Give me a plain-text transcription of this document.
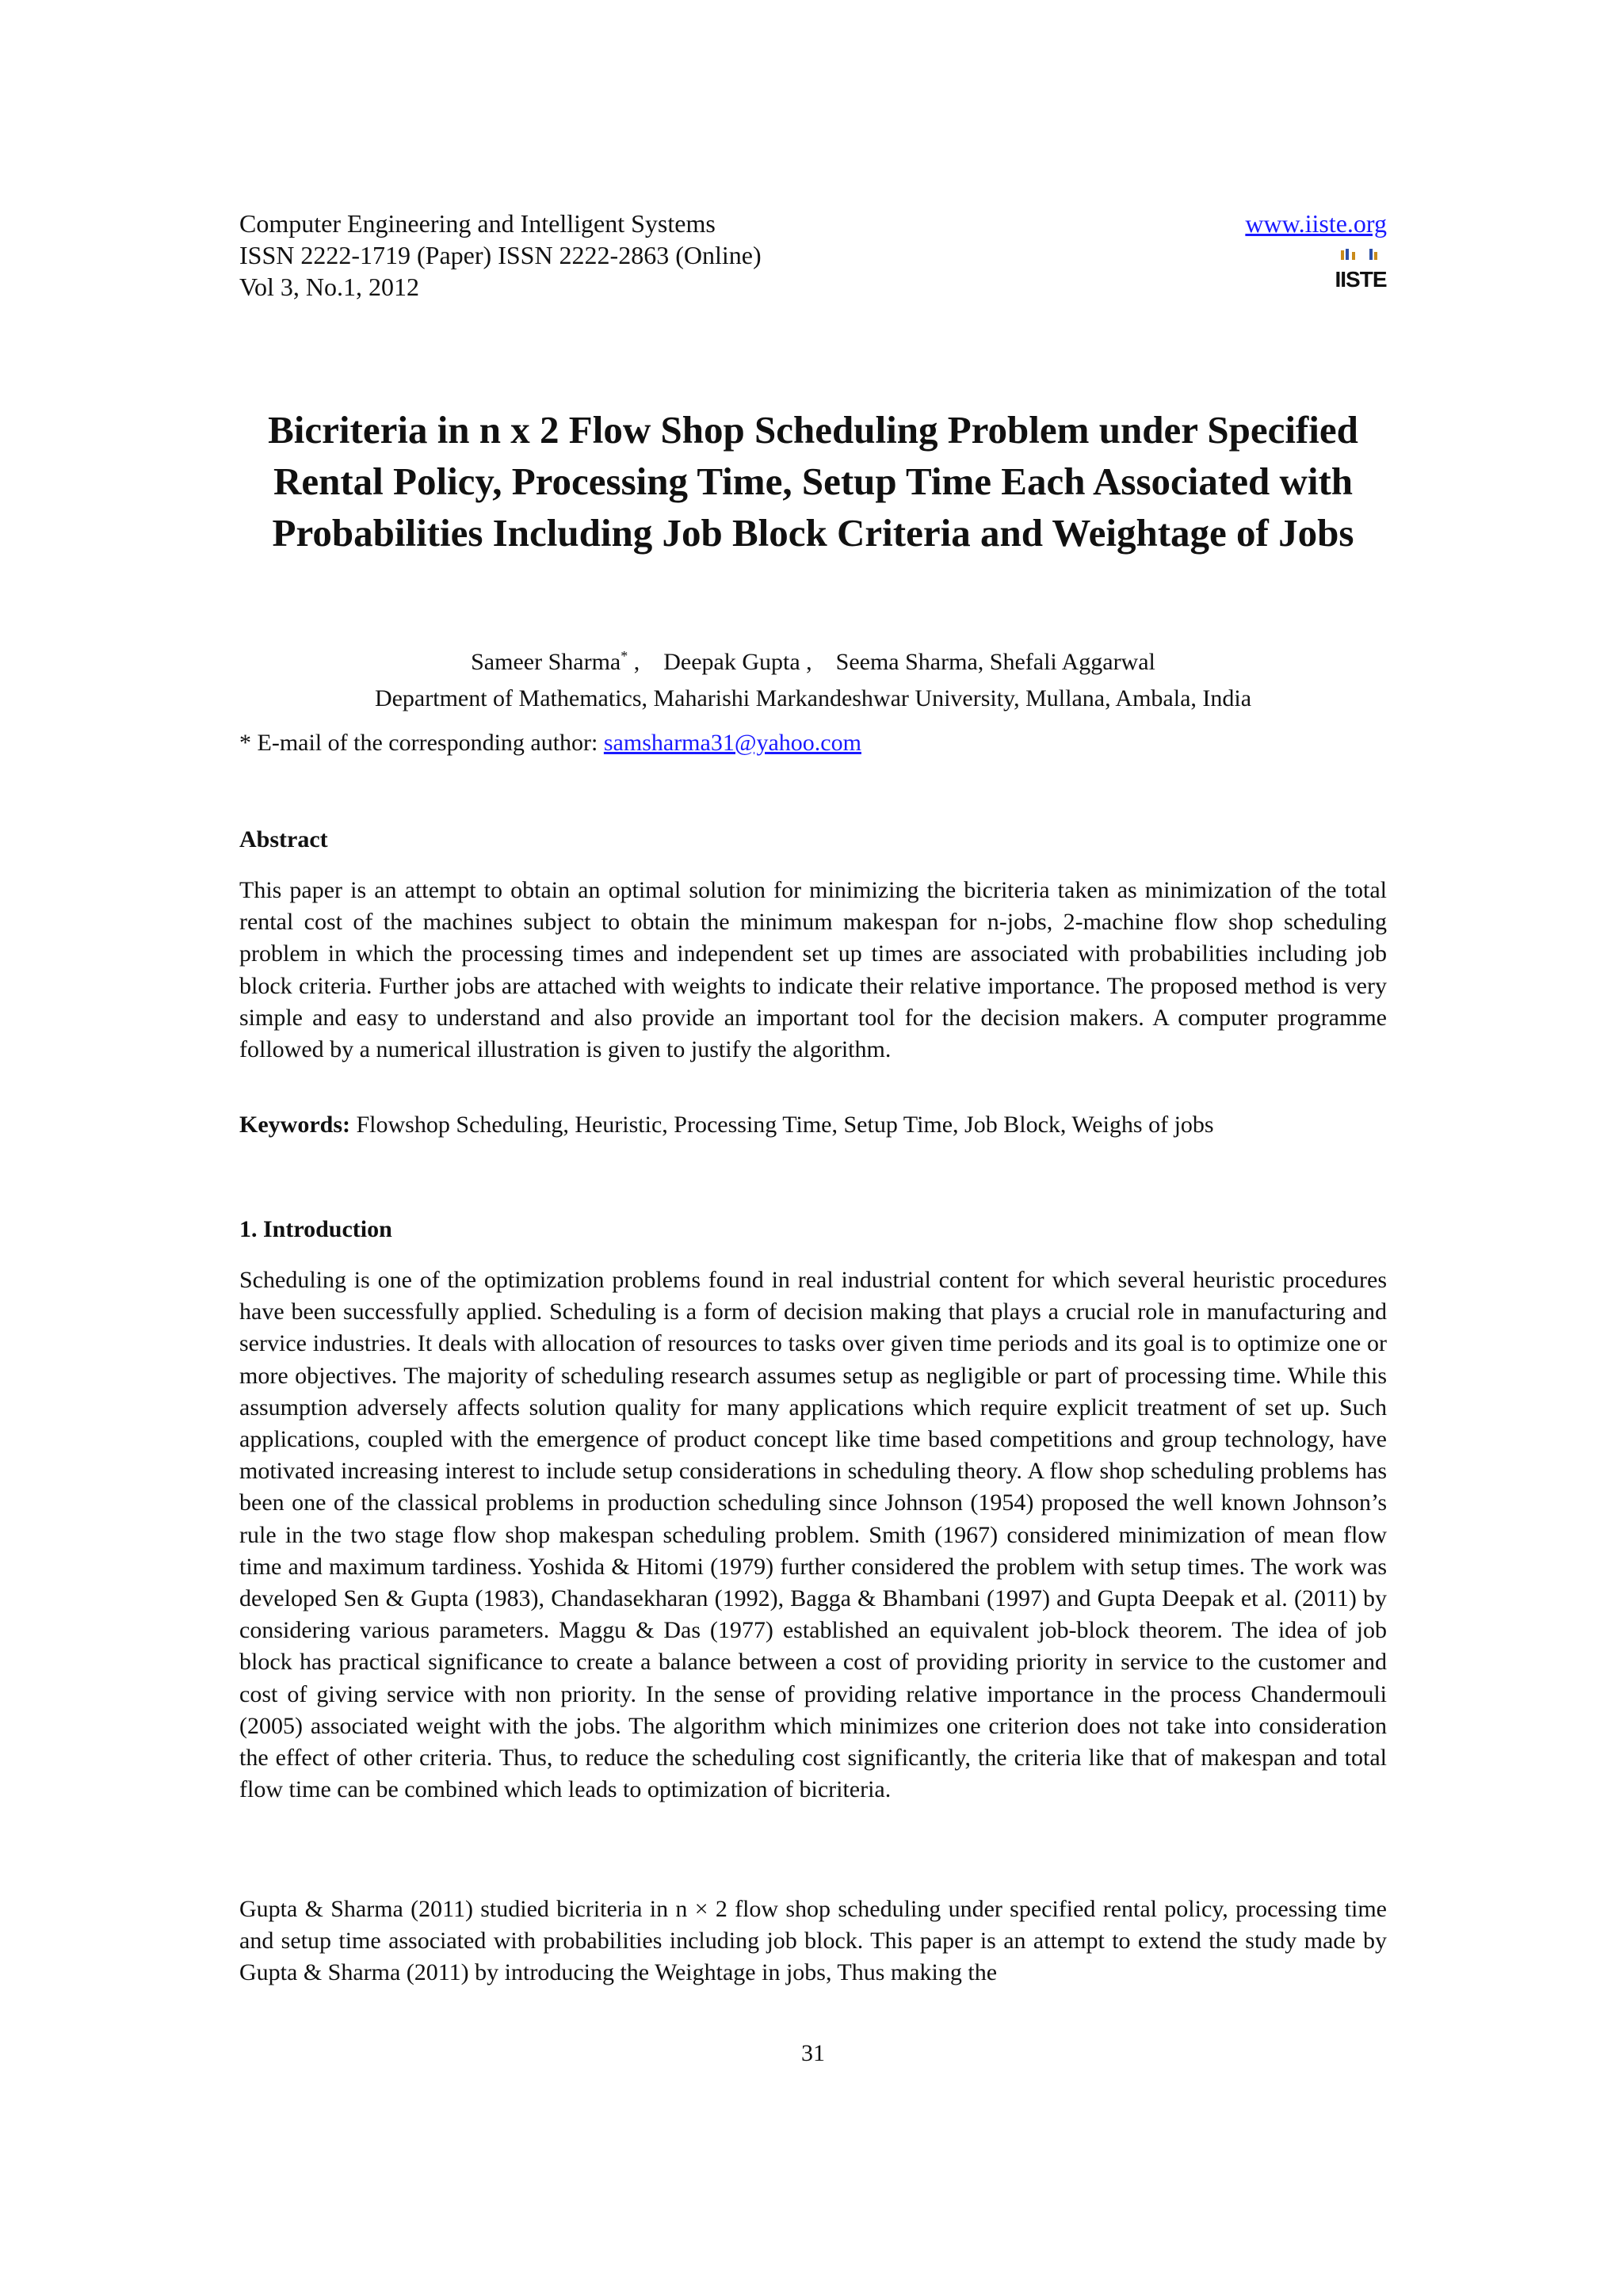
Computer Engineering and Intelligent Systems
ISSN 2222-1719 (Paper) ISSN 2222-2863 (Online)
Vol 3, No.1, 2012
www.iiste.org
IISTE
Bicriteria in n x 2 Flow Shop Scheduling Problem under Specified Rental Policy, Processing Time, Setup Time Each Associated with Probabilities Including Job Block Criteria and Weightage of Jobs
Sameer Sharma* ,    Deepak Gupta ,    Seema Sharma, Shefali Aggarwal
Department of Mathematics, Maharishi Markandeshwar University, Mullana, Ambala, India
* E-mail of the corresponding author: samsharma31@yahoo.com
Abstract

This paper is an attempt to obtain an optimal solution for minimizing the bicriteria taken as minimization of the total rental cost of the machines subject to obtain the minimum makespan for n-jobs, 2-machine flow shop scheduling problem in which the processing times and independent set up times are associated with probabilities including job block criteria. Further jobs are attached with weights to indicate their relative importance. The proposed method is very simple and easy to understand and also provide an important tool for the decision makers. A computer programme followed by a numerical illustration is given to justify the algorithm.

Keywords: Flowshop Scheduling, Heuristic, Processing Time, Setup Time, Job Block, Weighs of jobs
1. Introduction

Scheduling is one of the optimization problems found in real industrial content for which several heuristic procedures have been successfully applied. Scheduling is a form of decision making that plays a crucial role in manufacturing and service industries. It deals with allocation of resources to tasks over given time periods and its goal is to optimize one or more objectives. The majority of scheduling research assumes setup as negligible or part of processing time. While this assumption adversely affects solution quality for many applications which require explicit treatment of set up. Such applications, coupled with the emergence of product concept like time based competitions and group technology, have motivated increasing interest to include setup considerations in scheduling theory. A flow shop scheduling problems has been one of the classical problems in production scheduling since Johnson (1954) proposed the well known Johnson’s rule in the two stage flow shop makespan scheduling problem. Smith (1967) considered minimization of mean flow time and maximum tardiness. Yoshida & Hitomi (1979) further considered the problem with setup times. The work was developed Sen & Gupta (1983), Chandasekharan (1992), Bagga & Bhambani (1997) and Gupta Deepak et al. (2011) by considering various parameters. Maggu & Das (1977) established an equivalent job-block theorem. The idea of job block has practical significance to create a balance between a cost of providing priority in service to the customer and cost of giving service with non priority. In the sense of providing relative importance in the process Chandermouli (2005) associated weight with the jobs. The algorithm which minimizes one criterion does not take into consideration the effect of other criteria. Thus, to reduce the scheduling cost significantly, the criteria like that of makespan and total flow time can be combined which leads to optimization of bicriteria.

Gupta & Sharma (2011) studied bicriteria in n × 2 flow shop scheduling under specified rental policy, processing time and setup time associated with probabilities including job block. This paper is an attempt to extend the study made by Gupta & Sharma (2011) by introducing the Weightage in jobs, Thus making the

31
